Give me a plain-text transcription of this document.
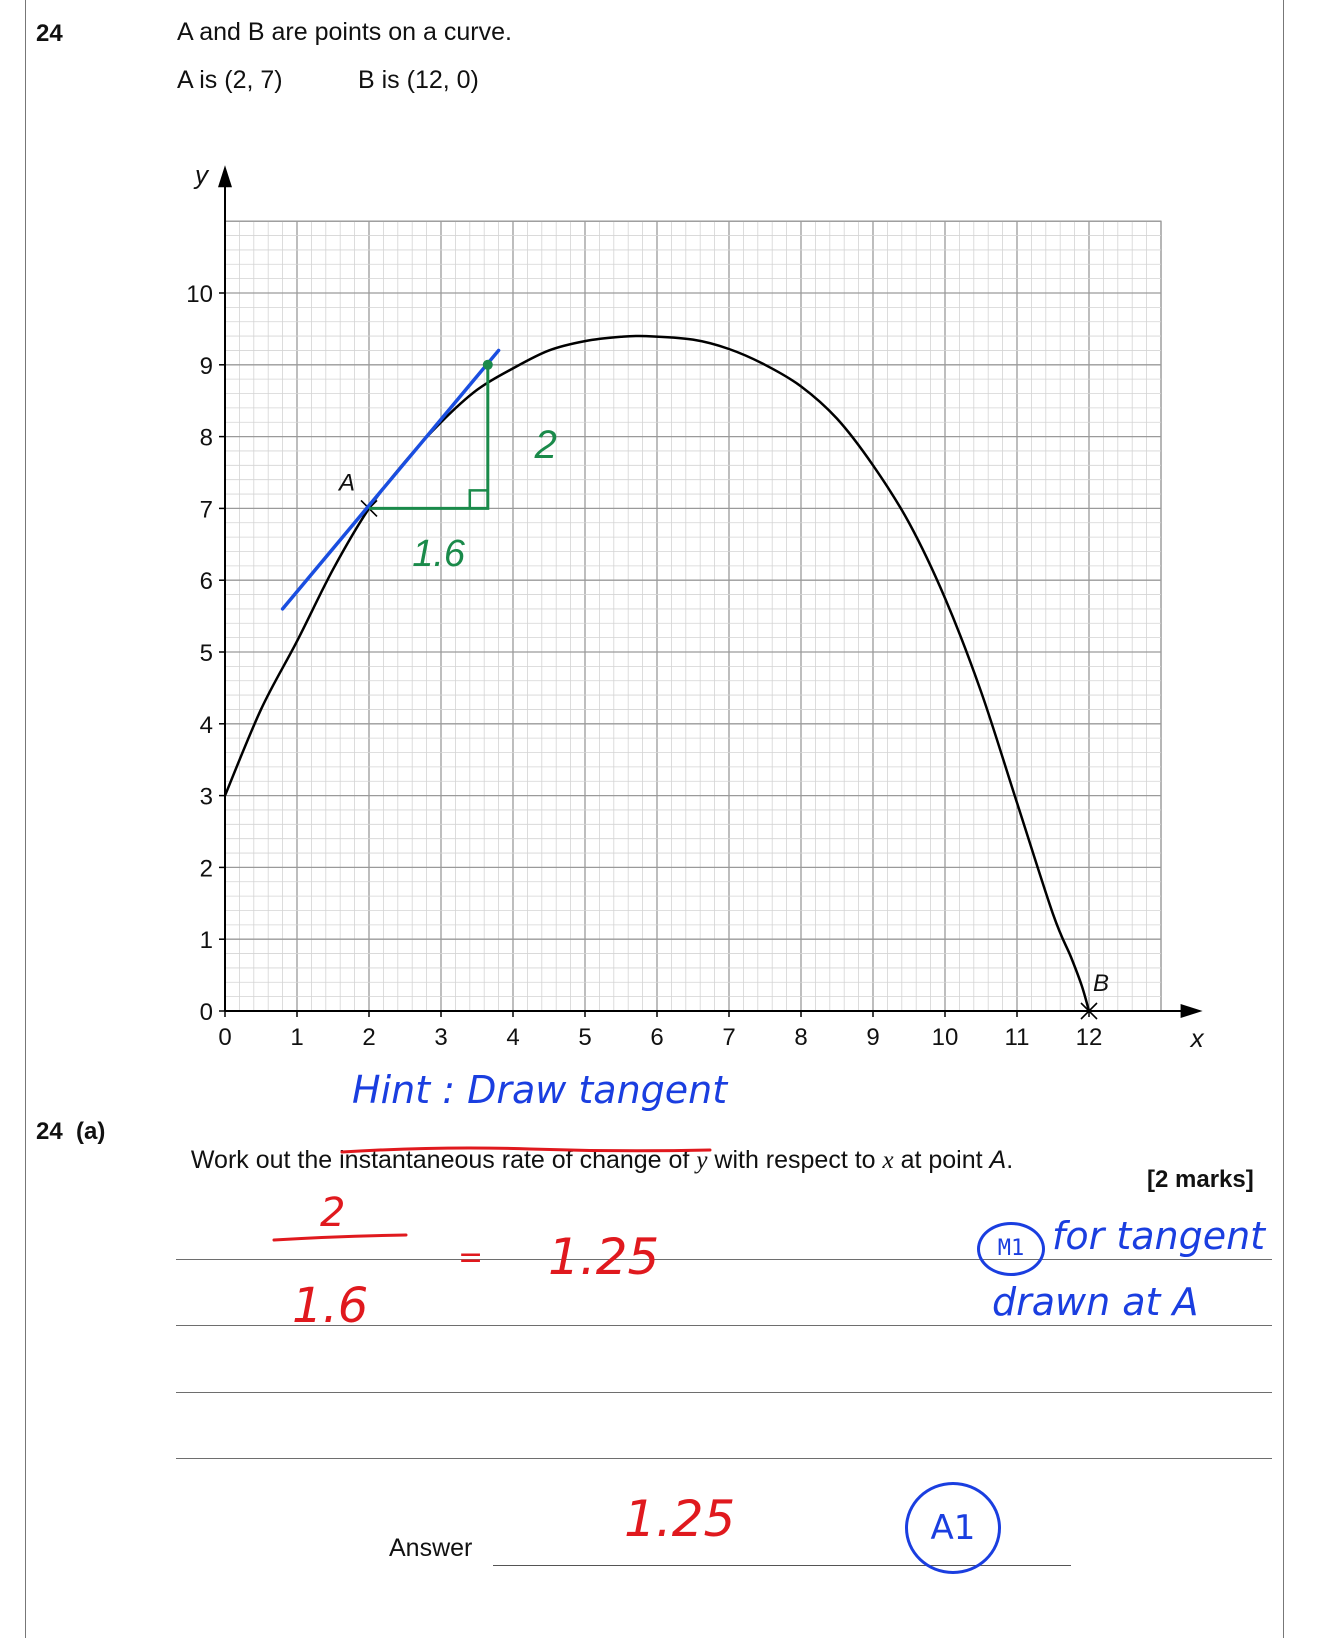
24	A and B are points on a curve.
A is (2, 7)	B is (12, 0)
2
1.6
0 1 2 3 4 5 6 7 8 9 10 11 12
0
1
2
3
4
5
6
7
8
9
10
x
y
A
B
Hint : Draw tangent
24  (a)

Work out the instantaneous rate of change of y with respect to x at point A.

[2 marks]
2
1.6
= 1.25	M1 for tangent
drawn at A
Answer	1.25	A1
